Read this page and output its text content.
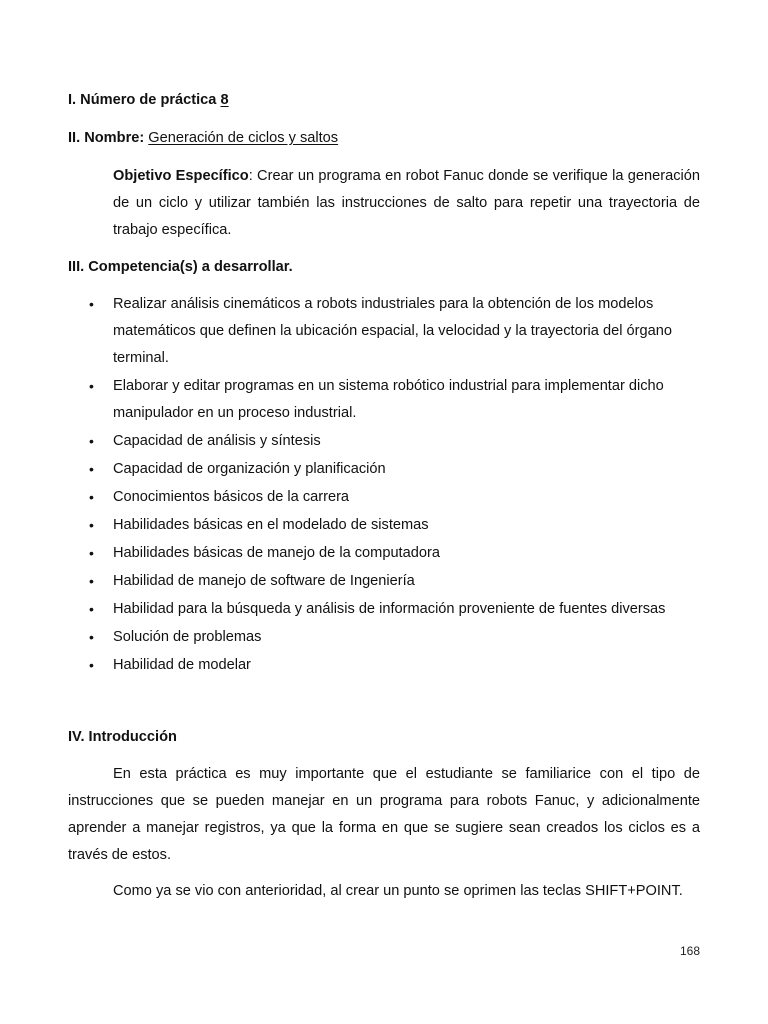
I. Número de práctica 8
II. Nombre: Generación de ciclos y saltos

Objetivo Específico: Crear un programa en robot Fanuc donde se verifique la generación de un ciclo y utilizar también las instrucciones de salto para repetir una trayectoria de trabajo específica.

III. Competencia(s) a desarrollar.
• Realizar análisis cinemáticos a robots industriales para la obtención de los modelos matemáticos que definen la ubicación espacial, la velocidad y la trayectoria del órgano terminal.
• Elaborar y editar programas en un sistema robótico industrial para implementar dicho manipulador en un proceso industrial.
• Capacidad de análisis y síntesis
• Capacidad de organización y planificación
• Conocimientos básicos de la carrera
• Habilidades básicas en el modelado de sistemas
• Habilidades básicas de manejo de la computadora
• Habilidad de manejo de software de Ingeniería
• Habilidad para la búsqueda y análisis de información proveniente de fuentes diversas
• Solución de problemas
• Habilidad de modelar
IV. Introducción

En esta práctica es muy importante que el estudiante se familiarice con el tipo de instrucciones que se pueden manejar en un programa para robots Fanuc, y adicionalmente aprender a manejar registros, ya que la forma en que se sugiere sean creados los ciclos es a través de estos.

Como ya se vio con anterioridad, al crear un punto se oprimen las teclas SHIFT+POINT.

168
